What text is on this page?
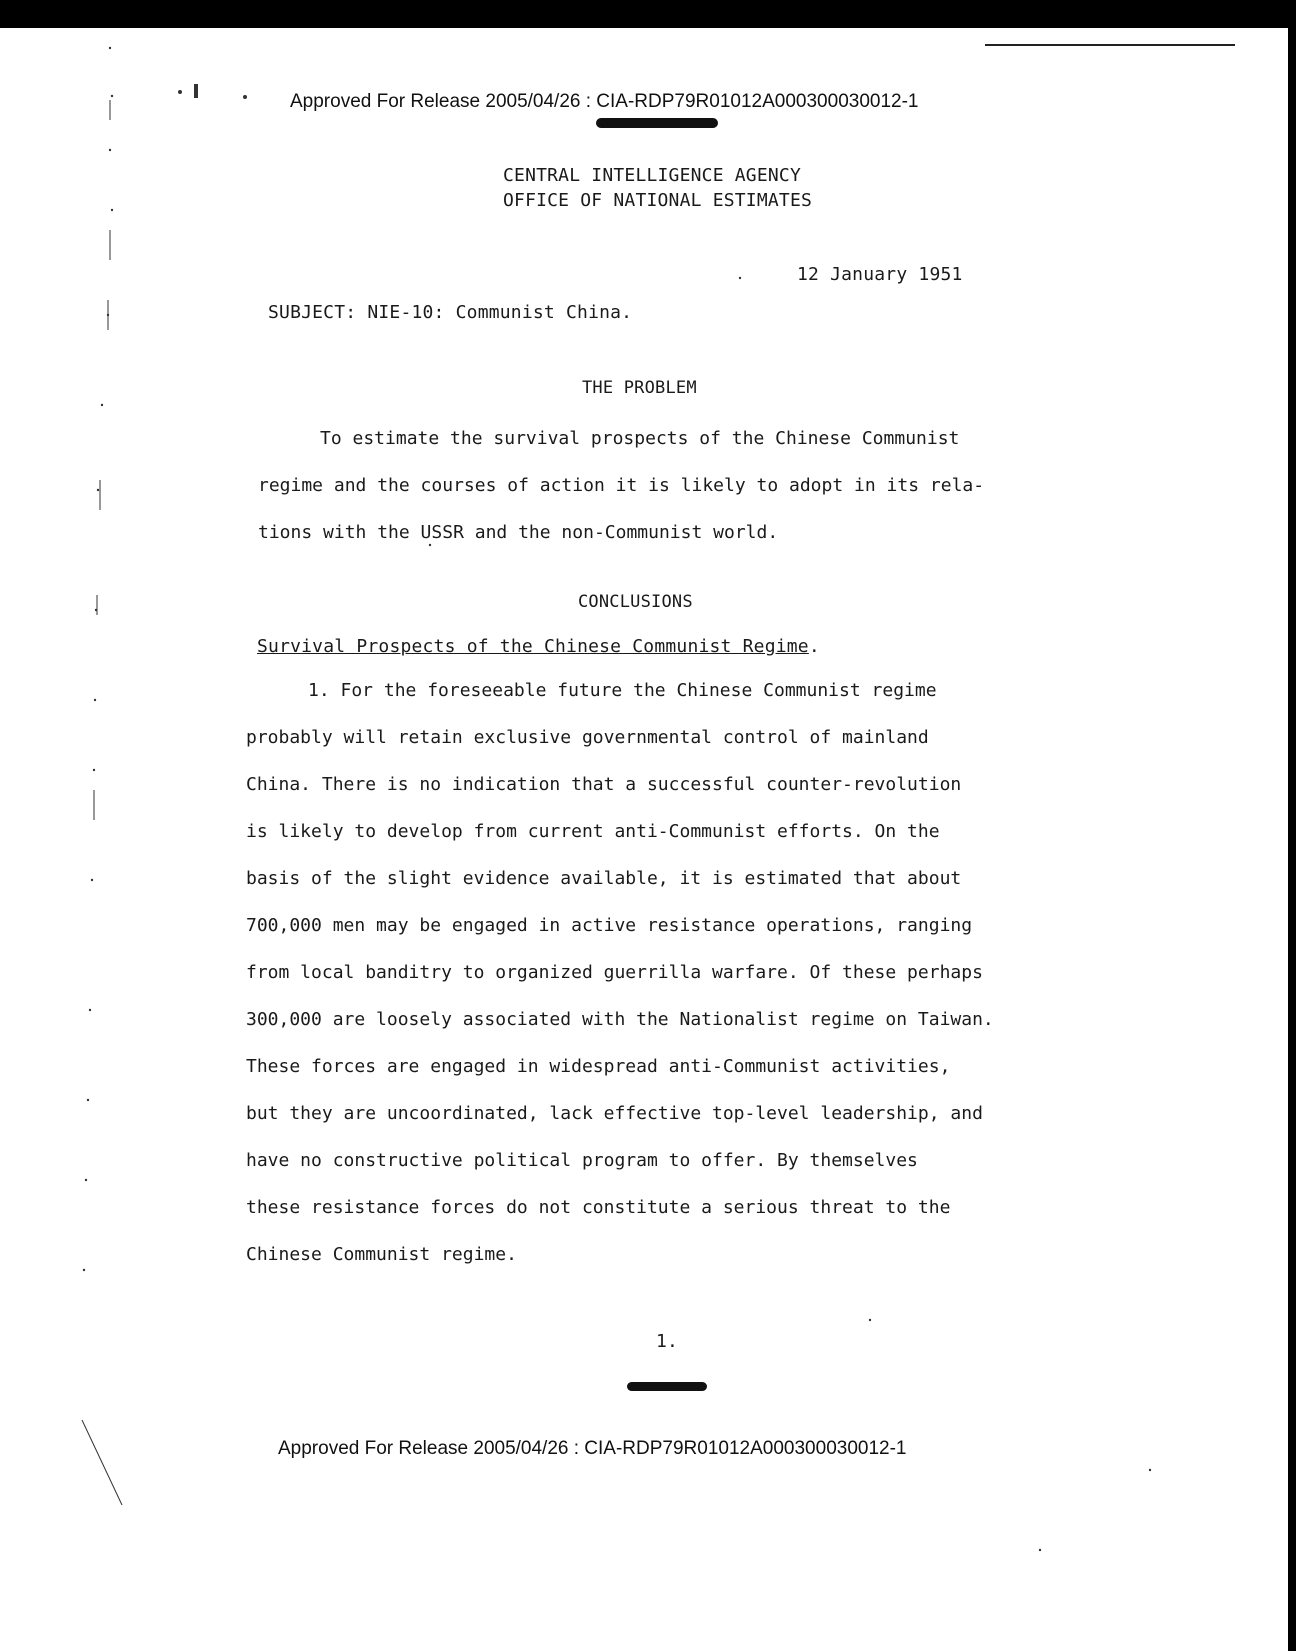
Approved For Release 2005/04/26 : CIA-RDP79R01012A000300030012-1
CENTRAL INTELLIGENCE AGENCY
OFFICE OF NATIONAL ESTIMATES
12 January 1951
SUBJECT: NIE-10: Communist China.
THE PROBLEM
To estimate the survival prospects of the Chinese Communist
regime and the courses of action it is likely to adopt in its rela-
tions with the USSR and the non-Communist world.
CONCLUSIONS
Survival Prospects of the Chinese Communist Regime.
1. For the foreseeable future the Chinese Communist regime
probably will retain exclusive governmental control of mainland
China. There is no indication that a successful counter-revolution
is likely to develop from current anti-Communist efforts. On the
basis of the slight evidence available, it is estimated that about
700,000 men may be engaged in active resistance operations, ranging
from local banditry to organized guerrilla warfare. Of these perhaps
300,000 are loosely associated with the Nationalist regime on Taiwan.
These forces are engaged in widespread anti-Communist activities,
but they are uncoordinated, lack effective top-level leadership, and
have no constructive political program to offer. By themselves
these resistance forces do not constitute a serious threat to the
Chinese Communist regime.
1.
Approved For Release 2005/04/26 : CIA-RDP79R01012A000300030012-1
